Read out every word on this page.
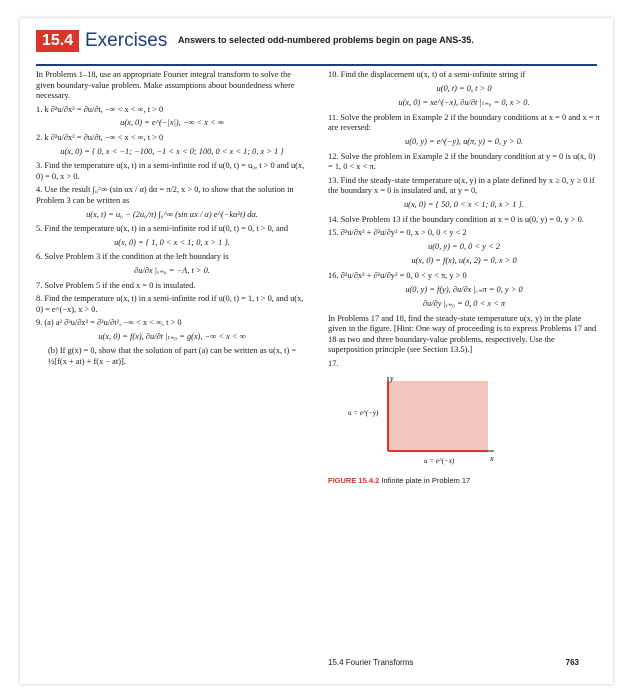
15.4 Exercises Answers to selected odd-numbered problems begin on page ANS-35.

In Problems 1–18, use an appropriate Fourier integral transform to solve the given boundary-value problem. Make assumptions about boundedness where necessary.

1. k ∂²u/∂x² = ∂u/∂t, −∞ < x < ∞, t > 0

u(x, 0) = e^(−|x|), −∞ < x < ∞

2. k ∂²u/∂x² = ∂u/∂t, −∞ < x < ∞, t > 0

u(x, 0) = { 0, x < −1; −100, −1 < x < 0; 100, 0 < x < 1; 0, x > 1 }

3. Find the temperature u(x, t) in a semi-infinite rod if u(0, t) = u₀, t > 0 and u(x, 0) = 0, x > 0.

4. Use the result ∫₀^∞ (sin αx / α) dα = π/2, x > 0, to show that the solution in Problem 3 can be written as

u(x, t) = u₀ − (2u₀/π) ∫₀^∞ (sin αx / α) e^(−kα²t) dα.

5. Find the temperature u(x, t) in a semi-infinite rod if u(0, t) = 0, t > 0, and

u(x, 0) = { 1, 0 < x < 1; 0, x > 1 }.

6. Solve Problem 3 if the condition at the left boundary is

∂u/∂x |ₓ₌₀ = −A, t > 0.

7. Solve Problem 5 if the end x = 0 is insulated.

8. Find the temperature u(x, t) in a semi-infinite rod if u(0, t) = 1, t > 0, and u(x, 0) = e^(−x), x > 0.

9. (a) a² ∂²u/∂x² = ∂²u/∂t², −∞ < x < ∞, t > 0

u(x, 0) = f(x), ∂u/∂t |ₜ₌₀ = g(x), −∞ < x < ∞

(b) If g(x) = 0, show that the solution of part (a) can be written as u(x, t) = ½[f(x + at) + f(x − at)].

10. Find the displacement u(x, t) of a semi-infinite string if

u(0, t) = 0, t > 0

u(x, 0) = xe^(−x), ∂u/∂t |ₜ₌₀ = 0, x > 0.

11. Solve the problem in Example 2 if the boundary conditions at x = 0 and x = π are reversed:

u(0, y) = e^(−y), u(π, y) = 0, y > 0.

12. Solve the problem in Example 2 if the boundary condition at y = 0 is u(x, 0) = 1, 0 < x < π.

13. Find the steady-state temperature u(x, y) in a plate defined by x ≥ 0, y ≥ 0 if the boundary x = 0 is insulated and, at y = 0,

u(x, 0) = { 50, 0 < x < 1; 0, x > 1 }.

14. Solve Problem 13 if the boundary condition at x = 0 is u(0, y) = 0, y > 0.

15. ∂²u/∂x² + ∂²u/∂y² = 0, x > 0, 0 < y < 2

u(0, y) = 0, 0 < y < 2

u(x, 0) = f(x), u(x, 2) = 0, x > 0

16. ∂²u/∂x² + ∂²u/∂y² = 0, 0 < y < π, y > 0

u(0, y) = f(y), ∂u/∂x |ₓ₌π = 0, y > 0

∂u/∂y |ᵧ₌₀ = 0, 0 < x < π

In Problems 17 and 18, find the steady-state temperature u(x, y) in the plate given in the figure. [Hint: One way of proceeding is to express Problems 17 and 18 as two and three boundary-value problems, respectively. Use the superposition principle (see Section 13.5).]

17.

y
x
u = e^(−y)
u = e^(−x)

FIGURE 15.4.2 Infinite plate in Problem 17

15.4 Fourier Transforms	763
